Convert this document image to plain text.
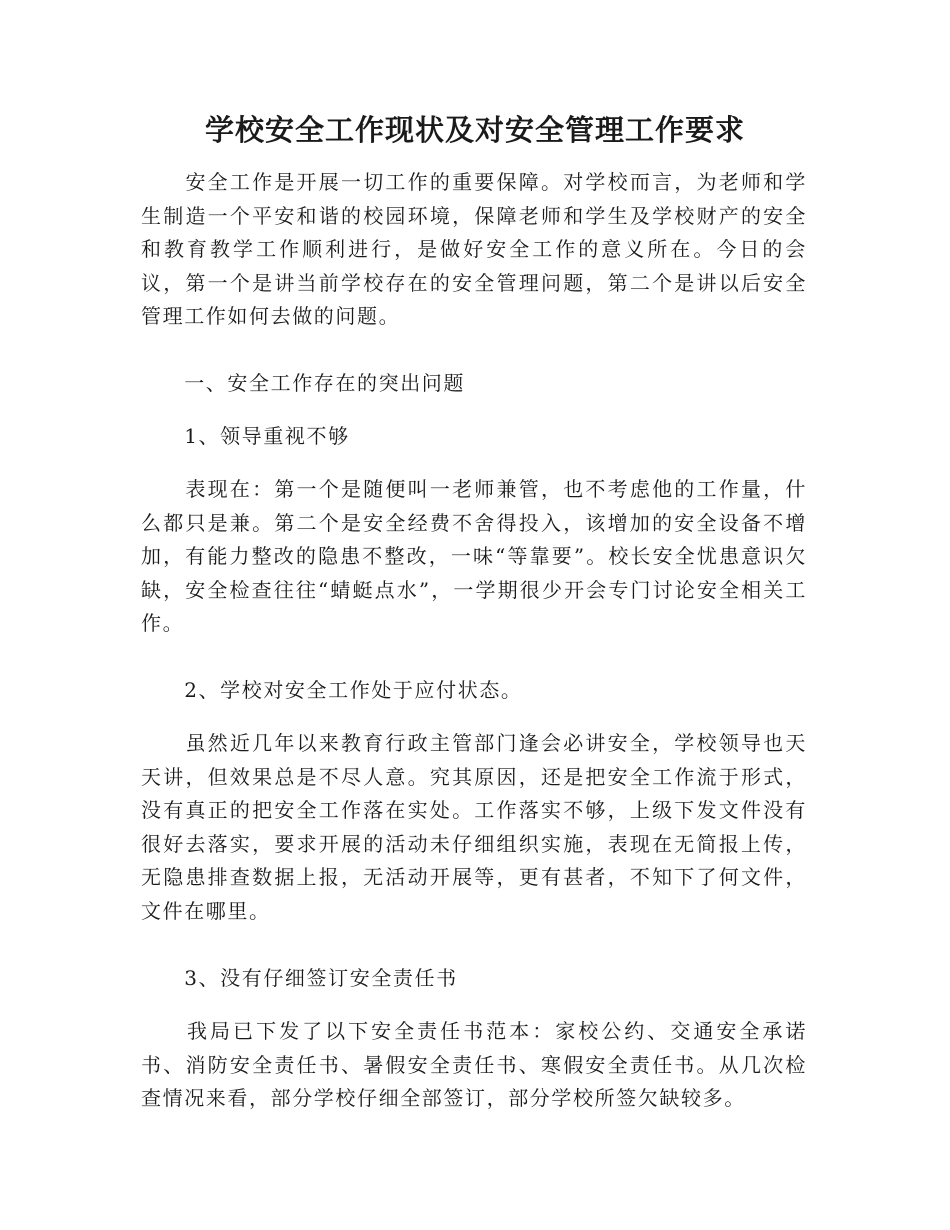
学校安全工作现状及对安全管理工作要求

　　安全工作是开展一切工作的重要保障。对学校而言，为老师和学生制造一个平安和谐的校园环境，保障老师和学生及学校财产的安全和教育教学工作顺利进行，是做好安全工作的意义所在。今日的会议，第一个是讲当前学校存在的安全管理问题，第二个是讲以后安全管理工作如何去做的问题。

　　一、安全工作存在的突出问题

　　1、领导重视不够

　　表现在：第一个是随便叫一老师兼管，也不考虑他的工作量，什么都只是兼。第二个是安全经费不舍得投入，该增加的安全设备不增加，有能力整改的隐患不整改，一味“等靠要”。校长安全忧患意识欠缺，安全检查往往“蜻蜓点水”，一学期很少开会专门讨论安全相关工作。

　　2、学校对安全工作处于应付状态。

　　虽然近几年以来教育行政主管部门逢会必讲安全，学校领导也天天讲，但效果总是不尽人意。究其原因，还是把安全工作流于形式，没有真正的把安全工作落在实处。工作落实不够，上级下发文件没有很好去落实，要求开展的活动未仔细组织实施，表现在无简报上传，无隐患排查数据上报，无活动开展等，更有甚者，不知下了何文件，文件在哪里。

　　3、没有仔细签订安全责任书

　　我局已下发了以下安全责任书范本：家校公约、交通安全承诺书、消防安全责任书、暑假安全责任书、寒假安全责任书。从几次检查情况来看，部分学校仔细全部签订，部分学校所签欠缺较多。
